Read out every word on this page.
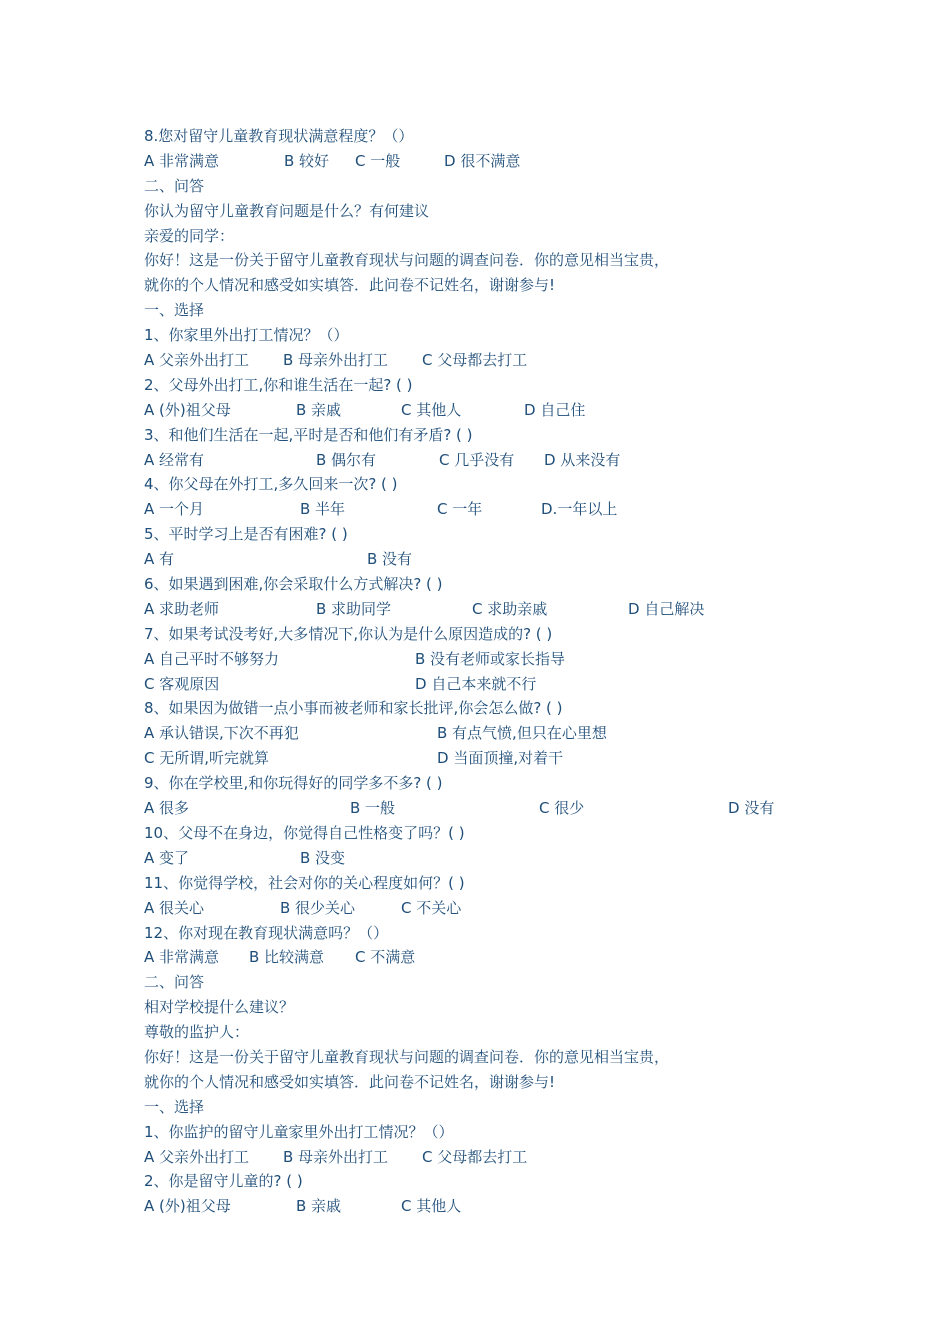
8.您对留守儿童教育现状满意程度？（）
A 非常满意	B 较好 C 一般	D 很不满意
二、问答
你认为留守儿童教育问题是什么？有何建议
亲爱的同学：
你好！这是一份关于留守儿童教育现状与问题的调查问卷．你的意见相当宝贵，
就你的个人情况和感受如实填答．此问卷不记姓名，谢谢参与!
一、选择
1、你家里外出打工情况？（）
A 父亲外出打工 B 母亲外出打工 C 父母都去打工
2、父母外出打工,你和谁生活在一起? ( )
A (外)祖父母	B 亲戚	C 其他人	D 自己住
3、和他们生活在一起,平时是否和他们有矛盾? ( )
A 经常有	B 偶尔有	C 几乎没有 D 从来没有
4、你父母在外打工,多久回来一次? ( )
A 一个月	B 半年	C 一年	D.一年以上
5、平时学习上是否有困难? ( )
A 有	B 没有
6、如果遇到困难,你会采取什么方式解决? ( )
A 求助老师	B 求助同学	C 求助亲戚	D 自己解决
7、如果考试没考好,大多情况下,你认为是什么原因造成的? ( )
A 自己平时不够努力	B 没有老师或家长指导
C 客观原因	D 自己本来就不行
8、如果因为做错一点小事而被老师和家长批评,你会怎么做? ( )
A 承认错误,下次不再犯	B 有点气愤,但只在心里想
C 无所谓,听完就算	D 当面顶撞,对着干
9、你在学校里,和你玩得好的同学多不多? ( )
A 很多	B 一般	C 很少	D 没有
10、父母不在身边，你觉得自己性格变了吗？( )
A 变了	B 没变
11、你觉得学校，社会对你的关心程度如何？( )
A 很关心	B 很少关心	C 不关心
12、你对现在教育现状满意吗？（）
A 非常满意 B 比较满意 C 不满意
二、问答
相对学校提什么建议？
尊敬的监护人：
你好！这是一份关于留守儿童教育现状与问题的调查问卷．你的意见相当宝贵，
就你的个人情况和感受如实填答．此问卷不记姓名，谢谢参与!
一、选择
1、你监护的留守儿童家里外出打工情况？（）
A 父亲外出打工 B 母亲外出打工 C 父母都去打工
2、你是留守儿童的? ( )
A (外)祖父母	B 亲戚	C 其他人
